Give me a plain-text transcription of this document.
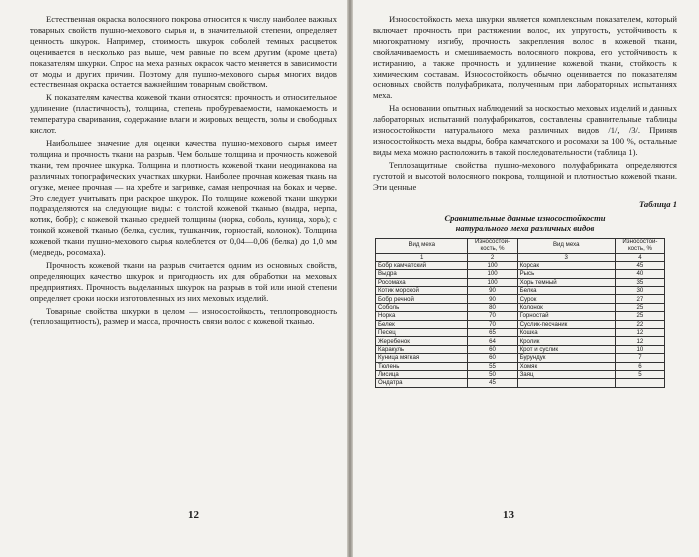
Естественная окраска волосяного покрова относится к числу наиболее важных товарных свойств пушно-мехового сырья и, в значительной степени, определяет ценность шкурок. Например, стоимость шкурок соболей темных расцветок оценивается в несколько раз выше, чем равные по всем другим (кроме цвета) показателям шкурки. Спрос на меха разных окрасок часто меняется в зависимости от моды и других причин. Поэтому для пушно-мехового сырья многих видов естественная окраска остается важнейшим товарным свойством.

К показателям качества кожевой ткани относятся: прочность и относительное удлинение (пластичность), толщина, степень пробуреваемости, намокаемость и температура сваривания, содержание влаги и жировых веществ, золы и свободных кислот.

Наибольшее значение для оценки качества пушно-мехового сырья имеет толщина и прочность ткани на разрыв. Чем больше толщина и прочность кожевой ткани, тем прочнее шкурка. Толщина и плотность кожевой ткани неодинакова на различных топографических участках шкурки. Наиболее прочная кожевая ткань на огузке, менее прочная — на хребте и загривке, самая непрочная на боках и черве. Это следует учитывать при раскрое шкурок. По толщине кожевой ткани шкурки подразделяются на следующие виды: с толстой кожевой тканью (выдра, нерпа, котик, бобр); с кожевой тканью средней толщины (норка, соболь, куница, хорь); с тонкой кожевой тканью (белка, суслик, тушканчик, горностай, колонок). Толщина кожевой ткани пушно-мехового сырья колеблется от 0,04—0,06 (белка) до 1,0 мм (медведь, росомаха).

Прочность кожевой ткани на разрыв считается одним из основных свойств, определяющих качество шкурок и пригодность их для обработки на меховых предприятиях. Прочность выделанных шкурок на разрыв в той или иной степени определяет сроки носки изготовленных из них меховых изделий.

Товарные свойства шкурки в целом — износостойкость, теплопроводность (теплозащитность), размер и масса, прочность связи волос с кожевой тканью.

12

Износостойкость меха шкурки является комплексным показателем, который включает прочность при растяжении волос, их упругость, устойчивость к многократному изгибу, прочность закрепления волос в кожевой ткани, свойлачиваемость и смешиваемость волосяного покрова, его устойчивость к истиранию, а также прочность и удлинение кожевой ткани, стойкость к химическим составам. Износостойкость обычно оценивается по показателям основных свойств полуфабриката, полученным при лабораторных испытаниях меха.

На основании опытных наблюдений за носкостью меховых изделий и данных лабораторных испытаний полуфабрикатов, составлены сравнительные таблицы износостойкости натурального меха различных видов /1/, /3/. Приняв износостойкость меха выдры, бобра камчатского и росомахи за 100 %, остальные виды меха можно расположить в такой последовательности (таблица 1).

Теплозащитные свойства пушно-мехового полуфабриката определяются густотой и высотой волосяного покрова, толщиной и плотностью кожевой ткани. Эти ценные

Таблица 1
Сравнительные данные износостойкости
натурального меха различных видов
Вид меха	Износостой-кость, %	Вид меха	Износостой-кость, %
1	2	3	4
Бобр камчатский	100	Корсак	45
Выдра	100	Рысь	40
Росомаха	100	Хорь темный	35
Котик морской	90	Белка	30
Бобр речной	90	Сурок	27
Соболь	80	Колонок	25
Норка	70	Горностай	25
Белек	70	Суслик-песчаник	22
Песец	65	Кошка	12
Жеребенок	64	Кролик	12
Каракуль	60	Крот и суслик	10
Куница мягкая	60	Бурундук	7
Тюлень	55	Хомяк	6
Лисица	50	Заяц	5
Ондатра	45		
13
